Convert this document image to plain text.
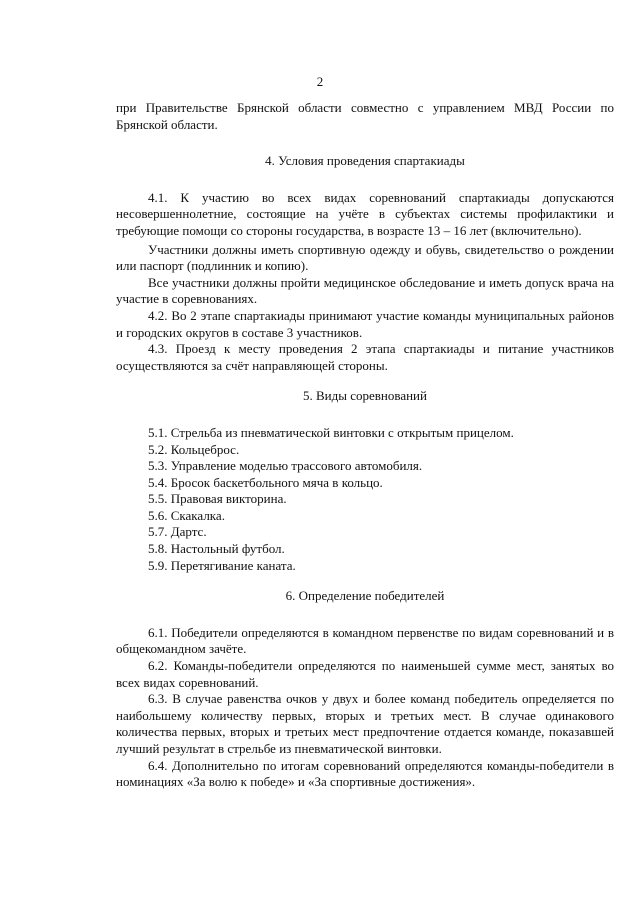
2

при Правительстве Брянской области совместно с управлением МВД России по Брянской области.

4. Условия проведения спартакиады

4.1. К участию во всех видах соревнований спартакиады допускаются несовершеннолетние, состоящие на учёте в субъектах системы профилактики и требующие помощи со стороны государства, в возрасте 13 – 16 лет (включительно).

Участники должны иметь спортивную одежду и обувь, свидетельство о рождении или паспорт (подлинник и копию).

Все участники должны пройти медицинское обследование и иметь допуск врача на участие в соревнованиях.

4.2. Во 2 этапе спартакиады принимают участие команды муниципальных районов и городских округов в составе 3 участников.

4.3. Проезд к месту проведения 2 этапа спартакиады и питание участников осуществляются за счёт направляющей стороны.

5. Виды соревнований
5.1. Стрельба из пневматической винтовки с открытым прицелом.
5.2. Кольцеброс.
5.3. Управление моделью трассового автомобиля.
5.4. Бросок баскетбольного мяча в кольцо.
5.5. Правовая викторина.
5.6. Скакалка.
5.7. Дартс.
5.8. Настольный футбол.
5.9. Перетягивание каната.
6. Определение победителей

6.1. Победители определяются в командном первенстве по видам соревнований и в общекомандном зачёте.

6.2. Команды-победители определяются по наименьшей сумме мест, занятых во всех видах соревнований.

6.3. В случае равенства очков у двух и более команд победитель определяется по наибольшему количеству первых, вторых и третьих мест. В случае одинакового количества первых, вторых и третьих мест предпочтение отдается команде, показавшей лучший результат в стрельбе из пневматической винтовки.

6.4. Дополнительно по итогам соревнований определяются команды-победители в номинациях «За волю к победе» и «За спортивные достижения».
